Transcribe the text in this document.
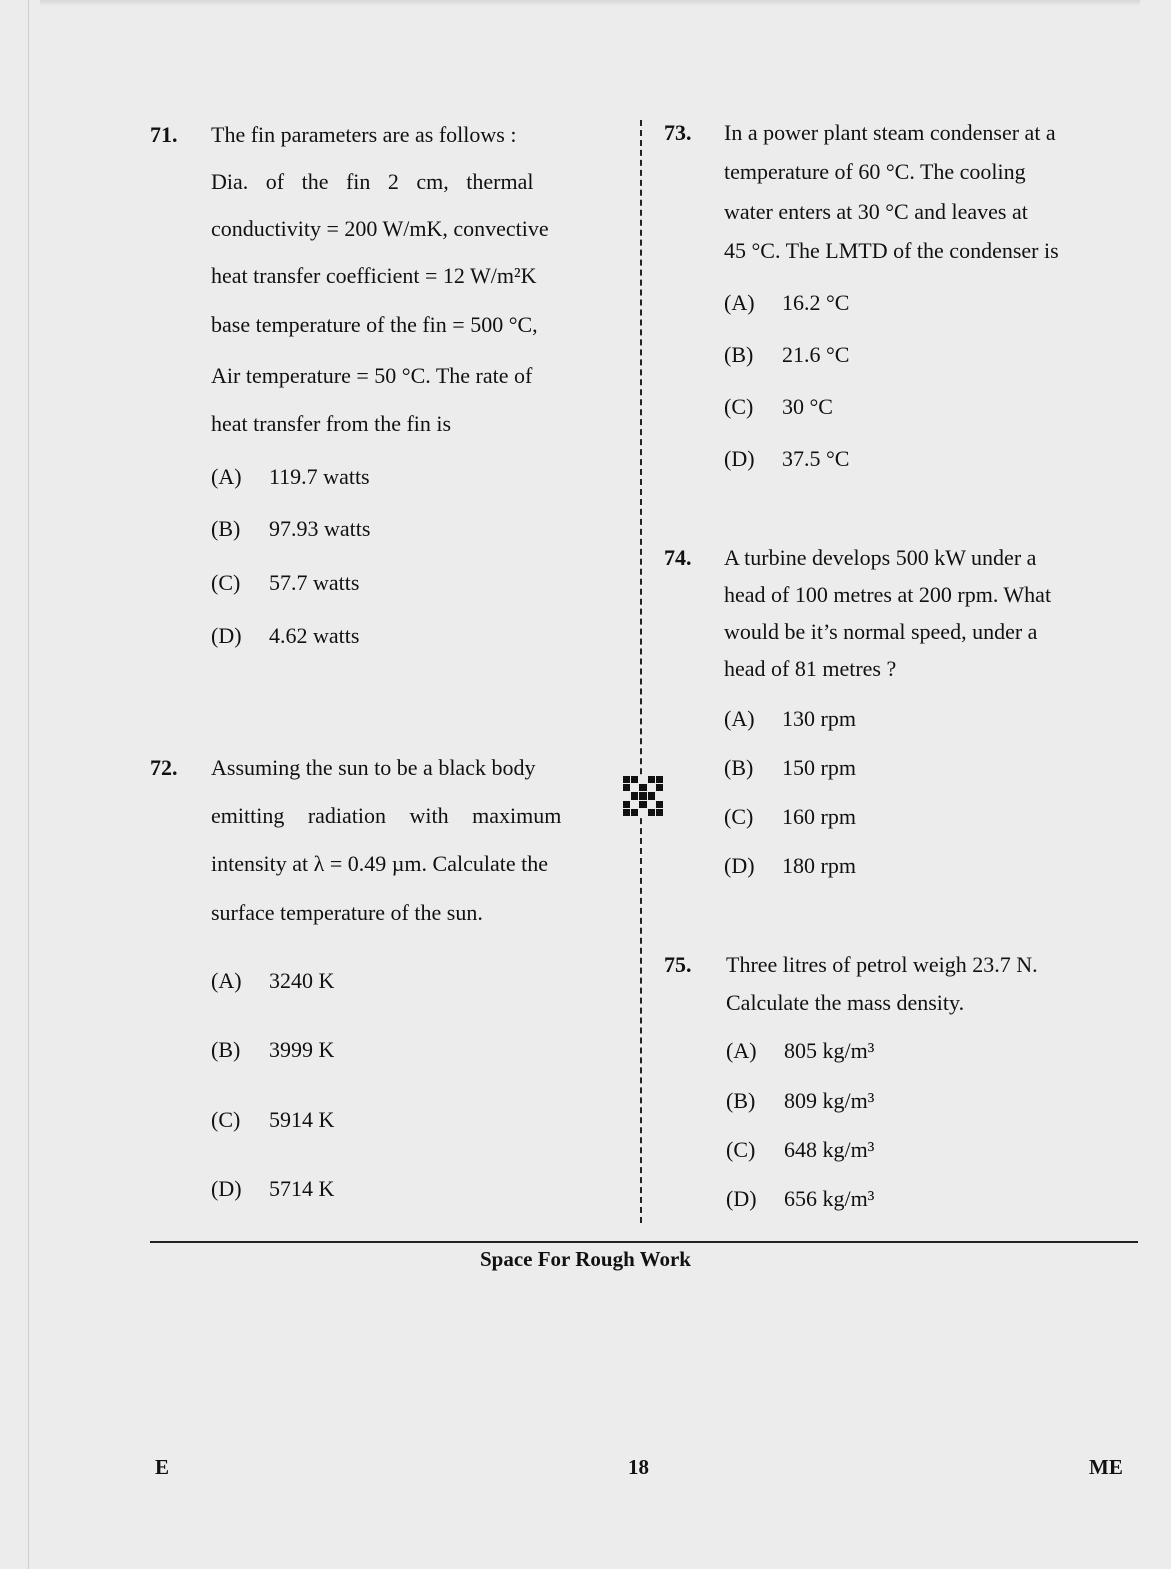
71. The fin parameters are as follows :
Dia. of the fin 2 cm, thermal
conductivity = 200 W/mK, convective
heat transfer coefficient = 12 W/m²K
base temperature of the fin = 500 °C,
Air temperature = 50 °C. The rate of
heat transfer from the fin is
(A) 119.7 watts
(B) 97.93 watts
(C) 57.7 watts
(D) 4.62 watts
72. Assuming the sun to be a black body
emitting radiation with maximum
intensity at λ = 0.49 µm. Calculate the
surface temperature of the sun.
(A) 3240 K
(B) 3999 K
(C) 5914 K
(D) 5714 K
73. In a power plant steam condenser at a
temperature of 60 °C. The cooling
water enters at 30 °C and leaves at
45 °C. The LMTD of the condenser is
(A) 16.2 °C
(B) 21.6 °C
(C) 30 °C
(D) 37.5 °C
74. A turbine develops 500 kW under a
head of 100 metres at 200 rpm. What
would be it’s normal speed, under a
head of 81 metres ?
(A) 130 rpm
(B) 150 rpm
(C) 160 rpm
(D) 180 rpm
75. Three litres of petrol weigh 23.7 N.
Calculate the mass density.
(A) 805 kg/m³
(B) 809 kg/m³
(C) 648 kg/m³
(D) 656 kg/m³
Space For Rough Work
E	18	ME
